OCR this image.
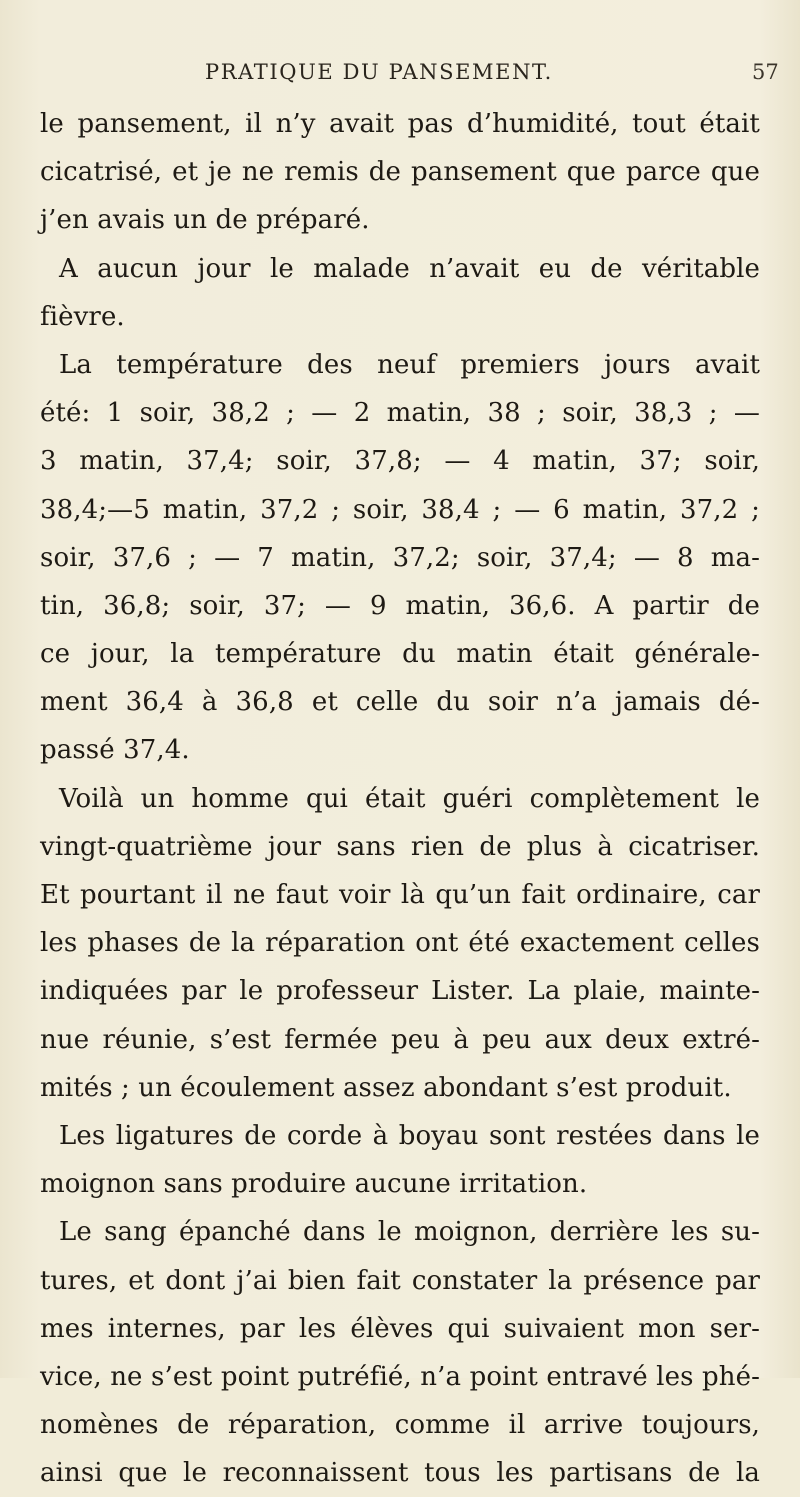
PRATIQUE DU PANSEMENT.	57
le pansement, il n’y avait pas d’humidité, tout était
cicatrisé, et je ne remis de pansement que parce que
j’en avais un de préparé.
A aucun jour le malade n’avait eu de véritable
fièvre.
La température des neuf premiers jours avait
été: 1 soir, 38,2 ; — 2 matin, 38 ; soir, 38,3 ; —
3 matin, 37,4; soir, 37,8; — 4 matin, 37; soir,
38,4;—5 matin, 37,2 ; soir, 38,4 ; — 6 matin, 37,2 ;
soir, 37,6 ; — 7 matin, 37,2; soir, 37,4; — 8 ma-
tin, 36,8; soir, 37; — 9 matin, 36,6. A partir de
ce jour, la température du matin était générale-
ment 36,4 à 36,8 et celle du soir n’a jamais dé-
passé 37,4.
Voilà un homme qui était guéri complètement le
vingt-quatrième jour sans rien de plus à cicatriser.
Et pourtant il ne faut voir là qu’un fait ordinaire, car
les phases de la réparation ont été exactement celles
indiquées par le professeur Lister. La plaie, mainte-
nue réunie, s’est fermée peu à peu aux deux extré-
mités ; un écoulement assez abondant s’est produit.
Les ligatures de corde à boyau sont restées dans le
moignon sans produire aucune irritation.
Le sang épanché dans le moignon, derrière les su-
tures, et dont j’ai bien fait constater la présence par
mes internes, par les élèves qui suivaient mon ser-
vice, ne s’est point putréfié, n’a point entravé les phé-
nomènes de réparation, comme il arrive toujours,
ainsi que le reconnaissent tous les partisans de la
